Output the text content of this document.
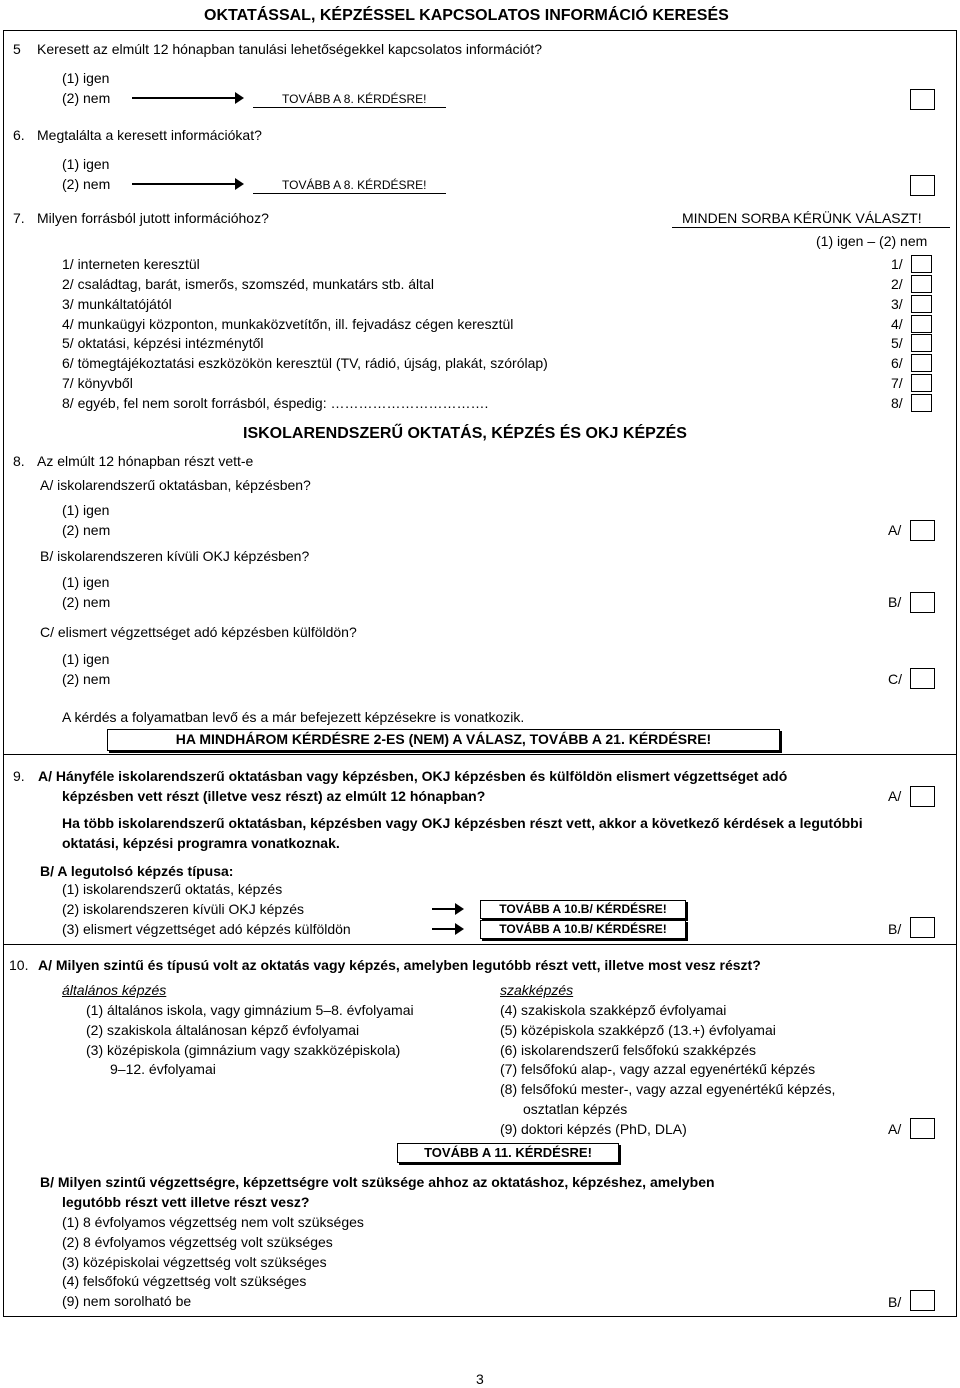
OKTATÁSSAL, KÉPZÉSSEL KAPCSOLATOS INFORMÁCIÓ KERESÉS
5 Keresett az elmúlt 12 hónapban tanulási lehetőségekkel kapcsolatos információt?
(1) igen
(2) nem	TOVÁBB A 8. KÉRDÉSRE!
6. Megtalálta a keresett információkat?
(1) igen
(2) nem	TOVÁBB A 8. KÉRDÉSRE!
7. Milyen forrásból jutott információhoz?	MINDEN SORBA KÉRÜNK VÁLASZT!
(1) igen – (2) nem
1/ interneten keresztül	1/
2/ családtag, barát, ismerős, szomszéd, munkatárs stb. által	2/
3/ munkáltatójától	3/
4/ munkaügyi központon, munkaközvetítőn, ill. fejvadász cégen keresztül	4/
5/ oktatási, képzési intézménytől	5/
6/ tömegtájékoztatási eszközökön keresztül (TV, rádió, újság, plakát, szórólap)	6/
7/ könyvből	7/
8/ egyéb, fel nem sorolt forrásból, éspedig: …………………………….	8/
ISKOLARENDSZERŰ OKTATÁS, KÉPZÉS ÉS OKJ KÉPZÉS
8. Az elmúlt 12 hónapban részt vett-e
A/ iskolarendszerű oktatásban, képzésben?
(1) igen
(2) nem	A/
B/ iskolarendszeren kívüli OKJ képzésben?
(1) igen
(2) nem	B/
C/ elismert végzettséget adó képzésben külföldön?
(1) igen
(2) nem	C/
A kérdés a folyamatban levő és a már befejezett képzésekre is vonatkozik.
HA MINDHÁROM KÉRDÉSRE 2-ES (NEM) A VÁLASZ, TOVÁBB A 21. KÉRDÉSRE!
9. A/ Hányféle iskolarendszerű oktatásban vagy képzésben, OKJ képzésben és külföldön elismert végzettséget adó
képzésben vett részt (illetve vesz részt) az elmúlt 12 hónapban?	A/
Ha több iskolarendszerű oktatásban, képzésben vagy OKJ képzésben részt vett, akkor a következő kérdések a legutóbbi
oktatási, képzési programra vonatkoznak.
B/ A legutolsó képzés típusa:
(1) iskolarendszerű oktatás, képzés
(2) iskolarendszeren kívüli OKJ képzés
(3) elismert végzettséget adó képzés külföldön
TOVÁBB A 10.B/ KÉRDÉSRE!
TOVÁBB A 10.B/ KÉRDÉSRE!	B/
10. A/ Milyen szintű és típusú volt az oktatás vagy képzés, amelyben legutóbb részt vett, illetve most vesz részt?
általános képzés
(1) általános iskola, vagy gimnázium 5–8. évfolyamai
(2) szakiskola általánosan képző évfolyamai
(3) középiskola (gimnázium vagy szakközépiskola)
9–12. évfolyamai
szakképzés
(4) szakiskola szakképző évfolyamai
(5) középiskola szakképző (13.+) évfolyamai
(6) iskolarendszerű felsőfokú szakképzés
(7) felsőfokú alap-, vagy azzal egyenértékű képzés
(8) felsőfokú mester-, vagy azzal egyenértékű képzés,
osztatlan képzés
(9) doktori képzés (PhD, DLA)	A/
TOVÁBB A 11. KÉRDÉSRE!
B/ Milyen szintű végzettségre, képzettségre volt szüksége ahhoz az oktatáshoz, képzéshez, amelyben
legutóbb részt vett illetve részt vesz?
(1) 8 évfolyamos végzettség nem volt szükséges
(2) 8 évfolyamos végzettség volt szükséges
(3) középiskolai végzettség volt szükséges
(4) felsőfokú végzettség volt szükséges
(9) nem sorolható be	B/
3
